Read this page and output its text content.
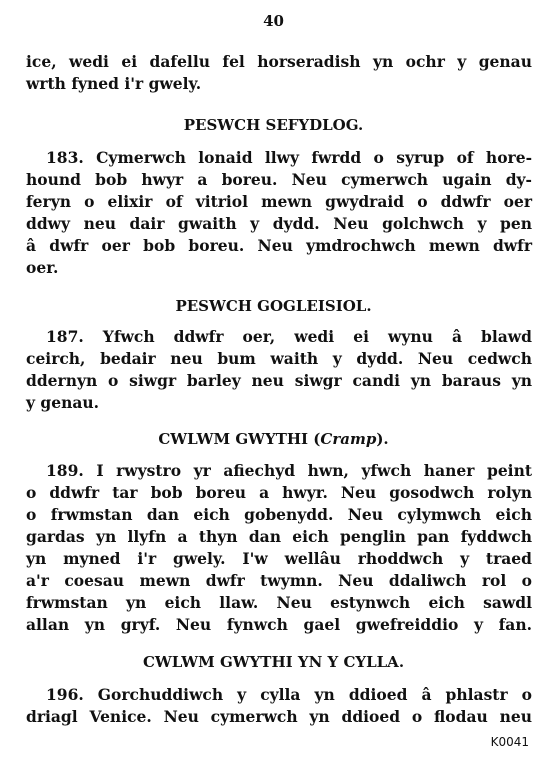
40

ice, wedi ei dafellu fel horseradish yn ochr y genau

wrth fyned i'r gwely.

PESWCH SEFYDLOG.

183. Cymerwch lonaid llwy fwrdd o syrup of hore-

hound bob hwyr a boreu. Neu cymerwch ugain dy-

feryn o elixir of vitriol mewn gwydraid o ddwfr oer

ddwy neu dair gwaith y dydd. Neu golchwch y pen

â dwfr oer bob boreu. Neu ymdrochwch mewn dwfr

oer.

PESWCH GOGLEISIOL.

187. Yfwch ddwfr oer, wedi ei wynu â blawd

ceirch, bedair neu bum waith y dydd. Neu cedwch

ddernyn o siwgr barley neu siwgr candi yn baraus yn

y genau.

CWLWM GWYTHI (Cramp).

189. I rwystro yr afiechyd hwn, yfwch haner peint

o ddwfr tar bob boreu a hwyr. Neu gosodwch rolyn

o frwmstan dan eich gobenydd. Neu cylymwch eich

gardas yn llyfn a thyn dan eich penglin pan fyddwch

yn myned i'r gwely. I'w wellâu rhoddwch y traed

a'r coesau mewn dwfr twymn. Neu ddaliwch rol o

frwmstan yn eich llaw. Neu estynwch eich sawdl

allan yn gryf. Neu fynwch gael gwefreiddio y fan.

CWLWM GWYTHI YN Y CYLLA.

196. Gorchuddiwch y cylla yn ddioed â phlastr o

driagl Venice. Neu cymerwch yn ddioed o flodau neu

K0041
